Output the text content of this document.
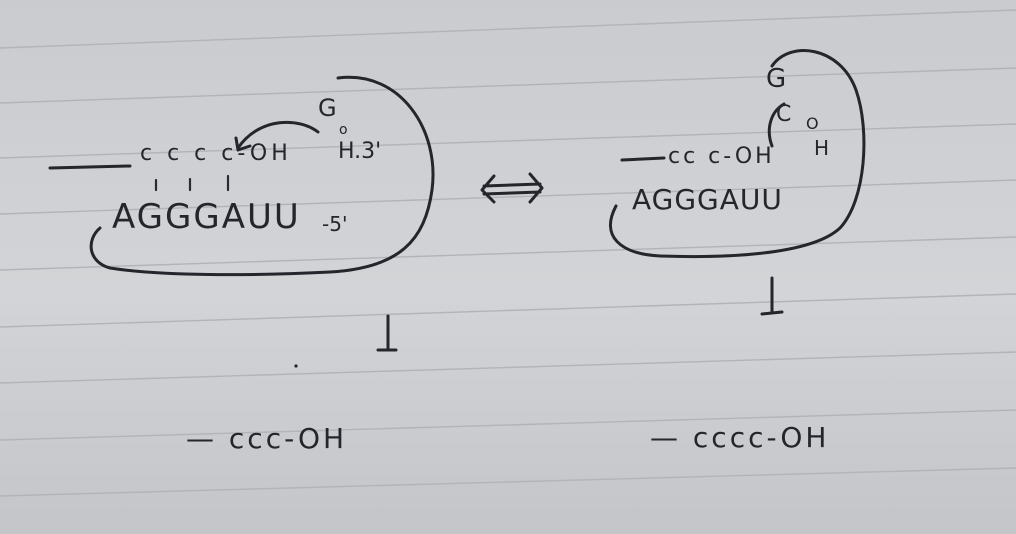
G
o
c c c c-OH H.3'
AGGGAUU -5'
— ccc-OH
G
C O
H
cc c-OH
AGGGAUU
— cccc-OH
